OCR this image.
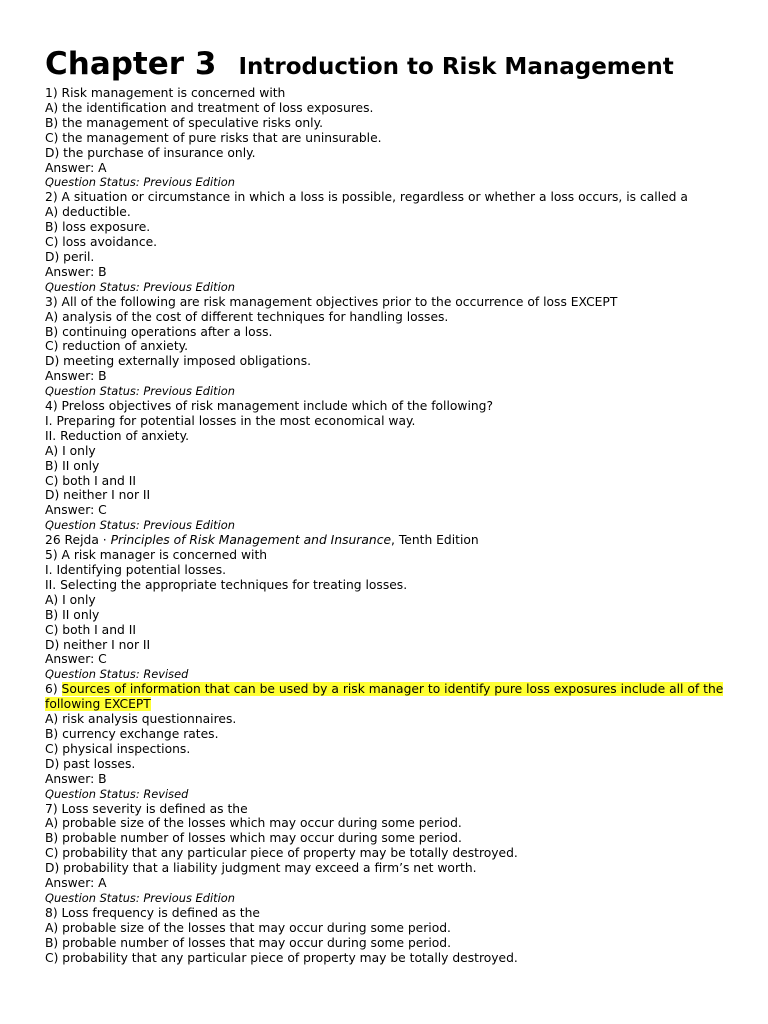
Chapter 3 Introduction to Risk Management
1) Risk management is concerned with
A) the identification and treatment of loss exposures.
B) the management of speculative risks only.
C) the management of pure risks that are uninsurable.
D) the purchase of insurance only.
Answer: A
Question Status: Previous Edition
2) A situation or circumstance in which a loss is possible, regardless or whether a loss occurs, is called a
A) deductible.
B) loss exposure.
C) loss avoidance.
D) peril.
Answer: B
Question Status: Previous Edition
3) All of the following are risk management objectives prior to the occurrence of loss EXCEPT
A) analysis of the cost of different techniques for handling losses.
B) continuing operations after a loss.
C) reduction of anxiety.
D) meeting externally imposed obligations.
Answer: B
Question Status: Previous Edition
4) Preloss objectives of risk management include which of the following?
I. Preparing for potential losses in the most economical way.
II. Reduction of anxiety.
A) I only
B) II only
C) both I and II
D) neither I nor II
Answer: C
Question Status: Previous Edition
26 Rejda · Principles of Risk Management and Insurance, Tenth Edition
5) A risk manager is concerned with
I. Identifying potential losses.
II. Selecting the appropriate techniques for treating losses.
A) I only
B) II only
C) both I and II
D) neither I nor II
Answer: C
Question Status: Revised
6) Sources of information that can be used by a risk manager to identify pure loss exposures include all of the following EXCEPT
A) risk analysis questionnaires.
B) currency exchange rates.
C) physical inspections.
D) past losses.
Answer: B
Question Status: Revised
7) Loss severity is defined as the
A) probable size of the losses which may occur during some period.
B) probable number of losses which may occur during some period.
C) probability that any particular piece of property may be totally destroyed.
D) probability that a liability judgment may exceed a firm’s net worth.
Answer: A
Question Status: Previous Edition
8) Loss frequency is defined as the
A) probable size of the losses that may occur during some period.
B) probable number of losses that may occur during some period.
C) probability that any particular piece of property may be totally destroyed.
